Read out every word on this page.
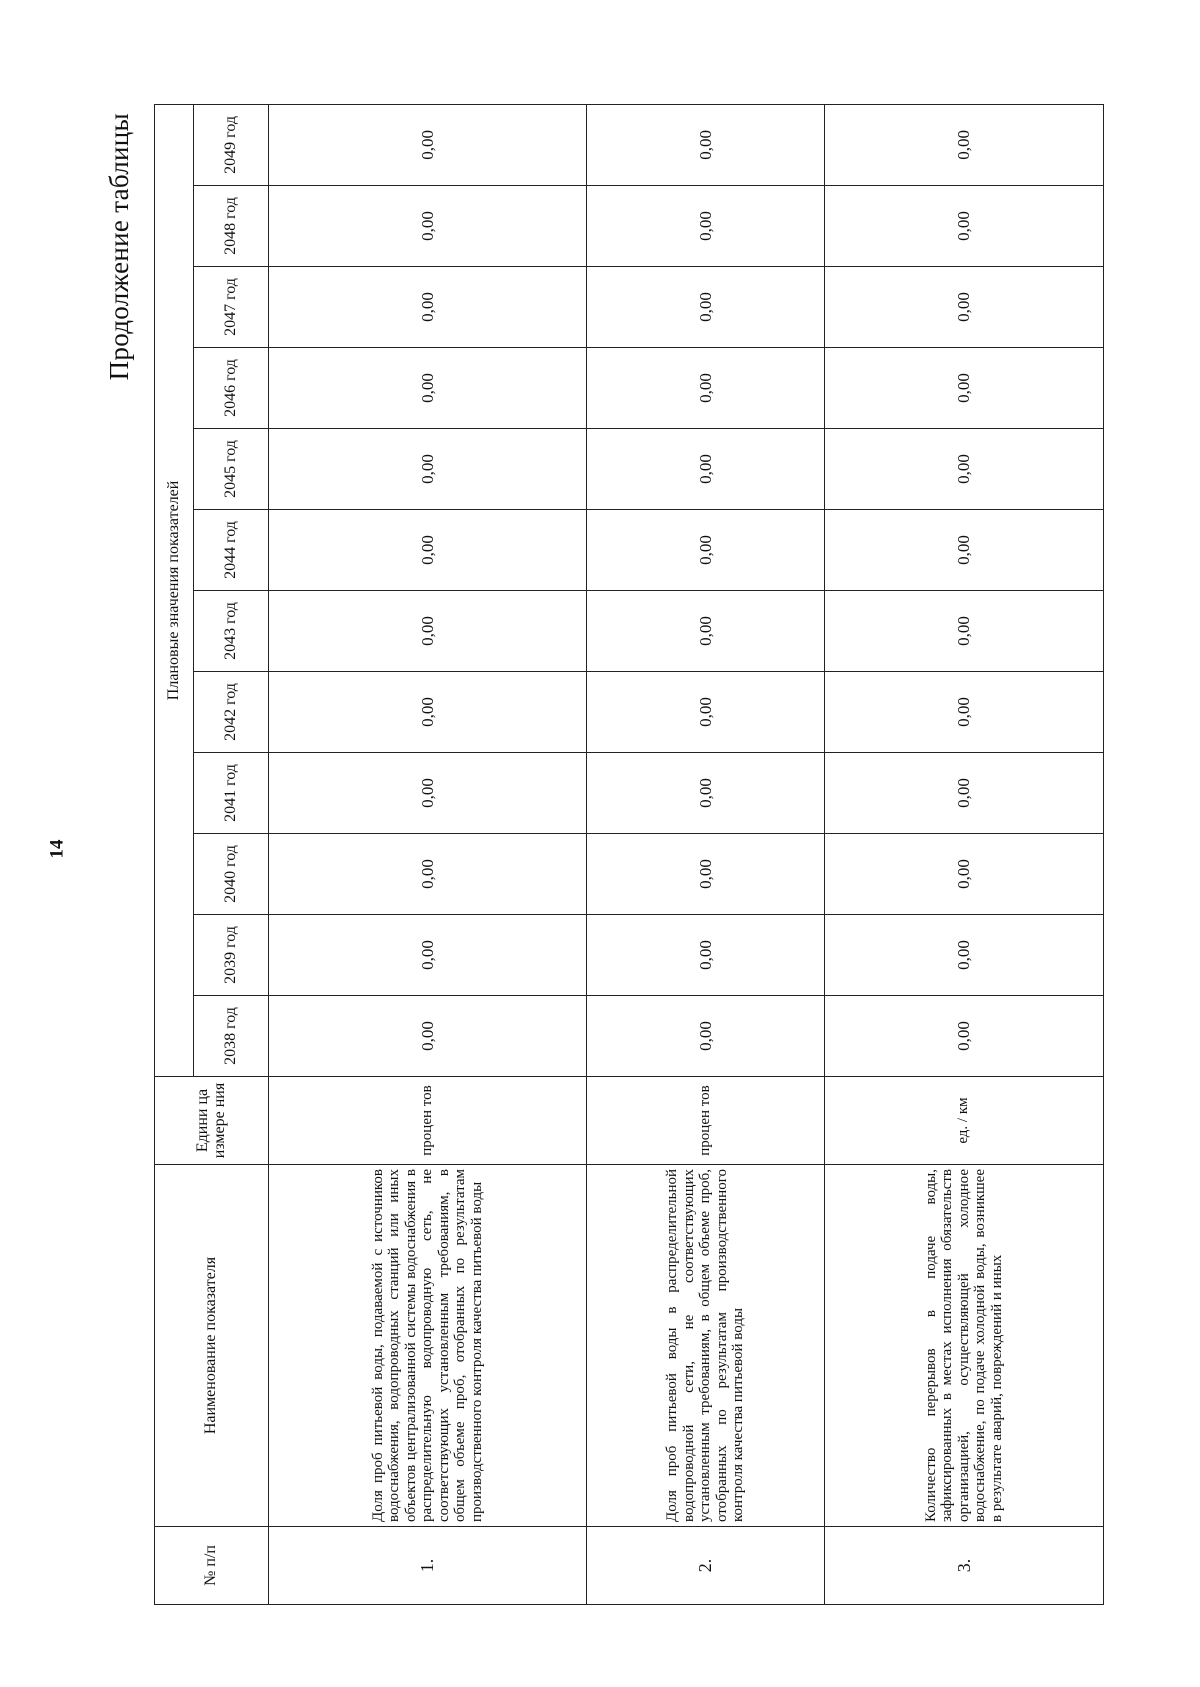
14
Продолжение таблицы
№ п/п	Наименование показателя	Едини ца измере ния	Плановые значения показателей											
			2038 год	2039 год	2040 год	2041 год	2042 год	2043 год	2044 год	2045 год	2046 год	2047 год	2048 год	2049 год
1.	Доля проб питьевой воды, подаваемой с источников водоснабжения, водопроводных станций или иных объектов централизованной системы водоснабжения в распределительную водопроводную сеть, не соответствующих установленным требованиям, в общем объеме проб, отобранных по результатам производственного контроля качества питьевой воды	процен тов	0,00	0,00	0,00	0,00	0,00	0,00	0,00	0,00	0,00	0,00	0,00	0,00
2.	Доля проб питьевой воды в распределительной водопроводной сети, не соответствующих установленным требованиям, в общем объеме проб, отобранных по результатам производственного контроля качества питьевой воды	процен тов	0,00	0,00	0,00	0,00	0,00	0,00	0,00	0,00	0,00	0,00	0,00	0,00
3.	Количество перерывов в подаче воды, зафиксированных в местах исполнения обязательств организацией, осуществляющей холодное водоснабжение, по подаче холодной воды, возникшее в результате аварий, повреждений и иных	ед. / км	0,00	0,00	0,00	0,00	0,00	0,00	0,00	0,00	0,00	0,00	0,00	0,00
